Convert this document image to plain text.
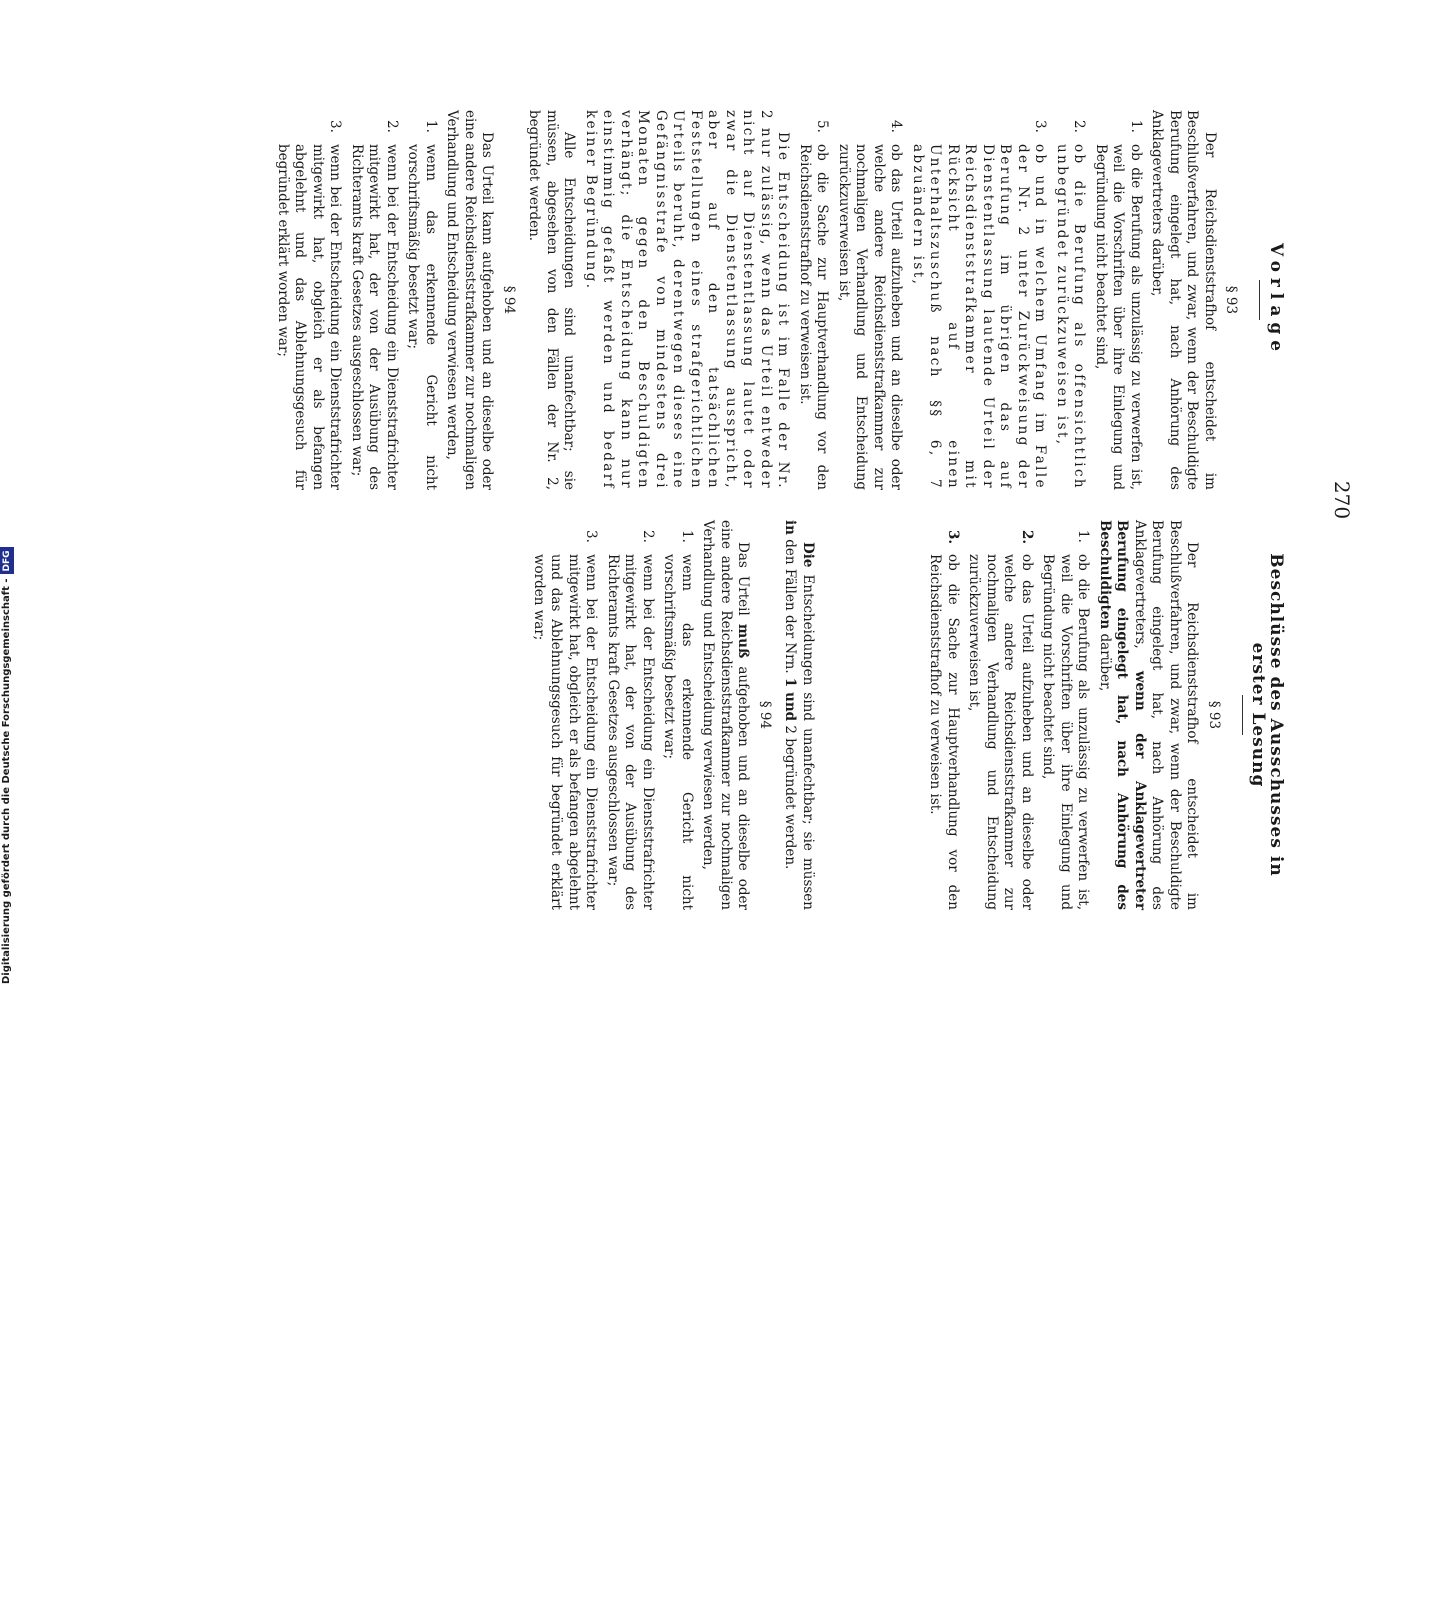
270
Vorlage
§ 93

Der Reichsdienststrafhof entscheidet im Beschlußverfahren, und zwar, wenn der Beschuldigte Berufung eingelegt hat, nach Anhörung des Anklagevertreters darüber,

1.
ob die Berufung als unzulässig zu verwerfen ist, weil die Vorschriften über ihre Einlegung und Begründung nicht beachtet sind,
2.
ob die Berufung als offensichtlich unbegründet zurückzuweisen ist,
3.
ob und in welchem Umfang im Falle der Nr. 2 unter Zurückweisung der Berufung im übrigen das auf Dienstentlassung lautende Urteil der Reichsdienststrafkammer mit Rücksicht auf einen Unterhaltszuschuß nach §§ 6, 7 abzuändern ist,
4.
ob das Urteil aufzuheben und an dieselbe oder welche andere Reichsdienststrafkammer zur nochmaligen Verhandlung und Entscheidung zurückzuverweisen ist,
5.
ob die Sache zur Hauptverhandlung vor den Reichsdienststrafhof zu verweisen ist.

Die Entscheidung ist im Falle der Nr. 2 nur zulässig, wenn das Urteil entweder nicht auf Dienstentlassung lautet oder zwar die Dienstentlassung ausspricht, aber auf den tatsächlichen Feststellungen eines strafgerichtlichen Urteils beruht, derentwegen dieses eine Gefängnisstrafe von mindestens drei Monaten gegen den Beschuldigten verhängt; die Entscheidung kann nur einstimmig gefaßt werden und bedarf keiner Begründung.

Alle Entscheidungen sind unanfechtbar; sie müssen, abgesehen von den Fällen der Nr. 2, begründet werden.

§ 94

Das Urteil kann aufgehoben und an dieselbe oder eine andere Reichsdienststrafkammer zur nochmaligen Verhandlung und Entscheidung verwiesen werden,

1.
wenn das erkennende Gericht nicht vorschriftsmäßig besetzt war;
2.
wenn bei der Entscheidung ein Dienststrafrichter mitgewirkt hat, der von der Ausübung des Richteramts kraft Gesetzes ausgeschlossen war;
3.
wenn bei der Entscheidung ein Dienststrafrichter mitgewirkt hat, obgleich er als befangen abgelehnt und das Ablehnungsgesuch für begründet erklärt worden war;
Beschlüsse des Ausschusses in erster Lesung
§ 93

Der Reichsdienststrafhof entscheidet im Beschlußverfahren, und zwar, wenn der Beschuldigte Berufung eingelegt hat, nach Anhörung des Anklagevertreters, wenn der Anklagevertreter Berufung eingelegt hat, nach Anhörung des Beschuldigten darüber,

1.
ob die Berufung als unzulässig zu verwerfen ist, weil die Vorschriften über ihre Einlegung und Begründung nicht beachtet sind,
2.
ob das Urteil aufzuheben und an dieselbe oder welche andere Reichsdienststrafkammer zur nochmaligen Verhandlung und Entscheidung zurückzuverweisen ist,
3.
ob die Sache zur Hauptverhandlung vor den Reichsdienststrafhof zu verweisen ist.

Die Entscheidungen sind unanfechtbar; sie müssen in den Fällen der Nrn. 1 und 2 begründet werden.

§ 94

Das Urteil muß aufgehoben und an dieselbe oder eine andere Reichsdienststrafkammer zur nochmaligen Verhandlung und Entscheidung verwiesen werden,

1.
wenn das erkennende Gericht nicht vorschriftsmäßig besetzt war;
2.
wenn bei der Entscheidung ein Dienststrafrichter mitgewirkt hat, der von der Ausübung des Richteramts kraft Gesetzes ausgeschlossen war;
3.
wenn bei der Entscheidung ein Dienststrafrichter mitgewirkt hat, obgleich er als befangen abgelehnt und das Ablehnungsgesuch für begründet erklärt worden war;
Digitalisierung gefördert durch die Deutsche Forschungsgemeinschaft -DFG
